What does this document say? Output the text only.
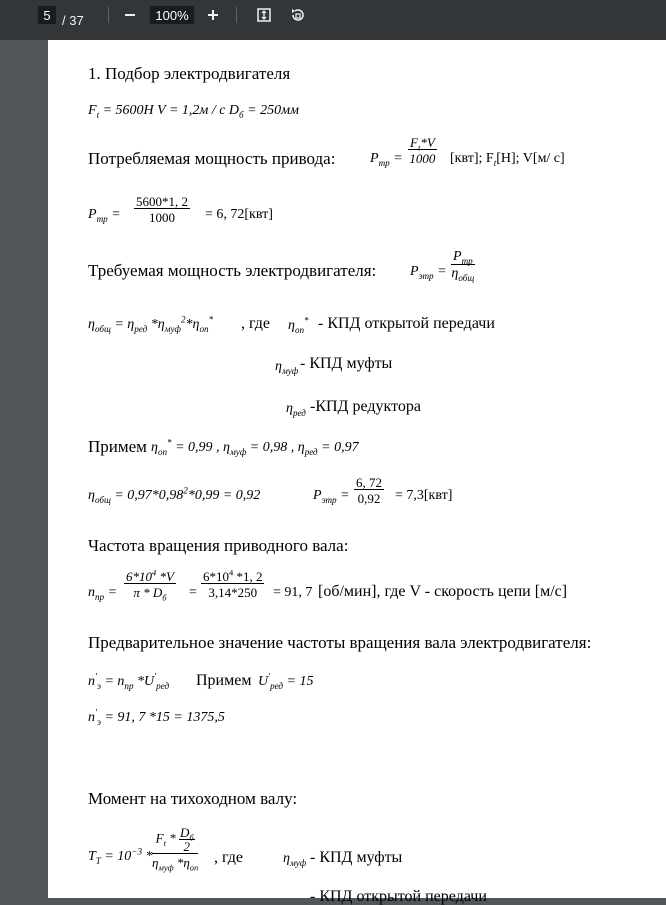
5 / 37	100%
1. Подбор электродвигателя
$F_t = 5600H$ V = 1,2м / с $D_б = 250мм$
Потребляемая мощность привода: $P_{тр} = \frac{F_t*V}{1000} [квт]$; $F_t[Н]$; V[м/ с]
$P_{тр} = \frac{5600*1, 2}{1000} = 6$, 72[квт]
Требуемая мощность электродвигателя: $P_{этр}$ =
$P_{тр}$
$\eta_{общ}$
$\eta_{общ} = \eta_{ред}$ $*\eta_{муф}^2*\eta_{оп}^*$ , где $\eta_{оп}^*$ - КПД открытой передачи
$\eta_{муф}$ - КПД муфты
$\eta_{ред}$ -КПД редуктора
Примем $\eta_{оп}^* = 0,99$ , $\eta_{муф} = 0,98$ , $\eta_{ред} = 0,97$
$\eta_{общ} = 0,97*0,98^2*0,99 = 0,92$	$P_{этр} = \frac{6, 72}{0,92} = 7,3[квт]$
Частота вращения приводного вала:
$n_{пр}$ =
$6*10^4$ *V
π * $D_б$	= $\frac{6*10^4 *1, 2}{3,14*250} = 91$, 7 [об/мин], где V - скорость цепи [м/с]
Предварительное значение частоты вращения вала электродвигателя:
$n'_э = n_{пр}$ $*U'_{ред}$ Примем $U'_{ред} = 15$
$n'_э = 91$, 7 *15 = 1375,5
Момент на тихоходном валу:
$T_Т = 10^{-3}$ *
$F_t * D_б$
2
$\eta_{муф}$ $*\eta_{оп}$
, где	$\eta_{муф}$ - КПД муфты
- КПД открытой передачи
